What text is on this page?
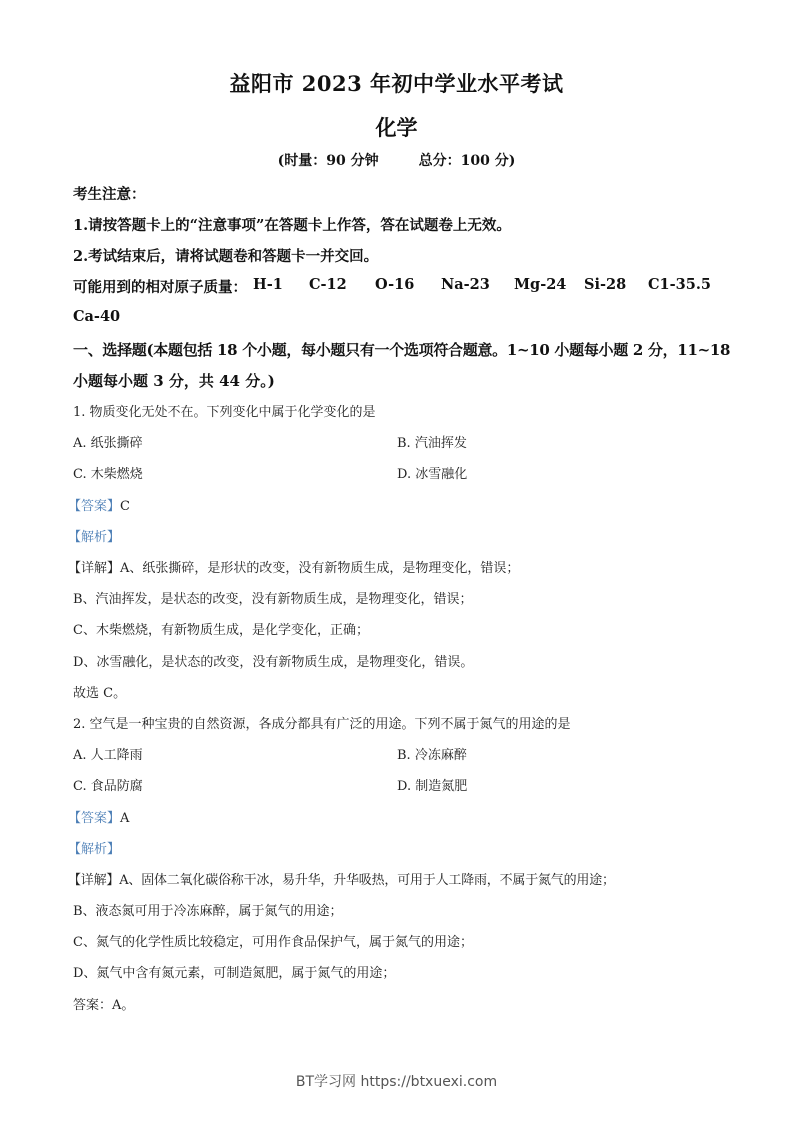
益阳市 2023 年初中学业水平考试
化学
(时量：90 分钟	总分：100 分)
考生注意：
1.请按答题卡上的“注意事项”在答题卡上作答，答在试题卷上无效。
2.考试结束后，请将试题卷和答题卡一并交回。
可能用到的相对原子质量： H-1	C-12	O-16	Na-23	Mg-24	Si-28	C1-35.5
Ca-40
一、选择题(本题包括 18 个小题，每小题只有一个选项符合题意。1~10 小题每小题 2 分，11~18
小题每小题 3 分，共 44 分。)
1. 物质变化无处不在。下列变化中属于化学变化的是
A. 纸张撕碎	B. 汽油挥发
C. 木柴燃烧	D. 冰雪融化
【答案】C
【解析】
【详解】A、纸张撕碎，是形状的改变，没有新物质生成，是物理变化，错误；
B、汽油挥发，是状态的改变，没有新物质生成，是物理变化，错误；
C、木柴燃烧，有新物质生成，是化学变化，正确；
D、冰雪融化，是状态的改变，没有新物质生成，是物理变化，错误。
故选 C。
2. 空气是一种宝贵的自然资源，各成分都具有广泛的用途。下列不属于氮气的用途的是
A. 人工降雨	B. 冷冻麻醉
C. 食品防腐	D. 制造氮肥
【答案】A
【解析】
【详解】A、固体二氧化碳俗称干冰，易升华，升华吸热，可用于人工降雨，不属于氮气的用途；
B、液态氮可用于冷冻麻醉，属于氮气的用途；
C、氮气的化学性质比较稳定，可用作食品保护气，属于氮气的用途；
D、氮气中含有氮元素，可制造氮肥，属于氮气的用途；
答案：A。
BT学习网 https://btxuexi.com
